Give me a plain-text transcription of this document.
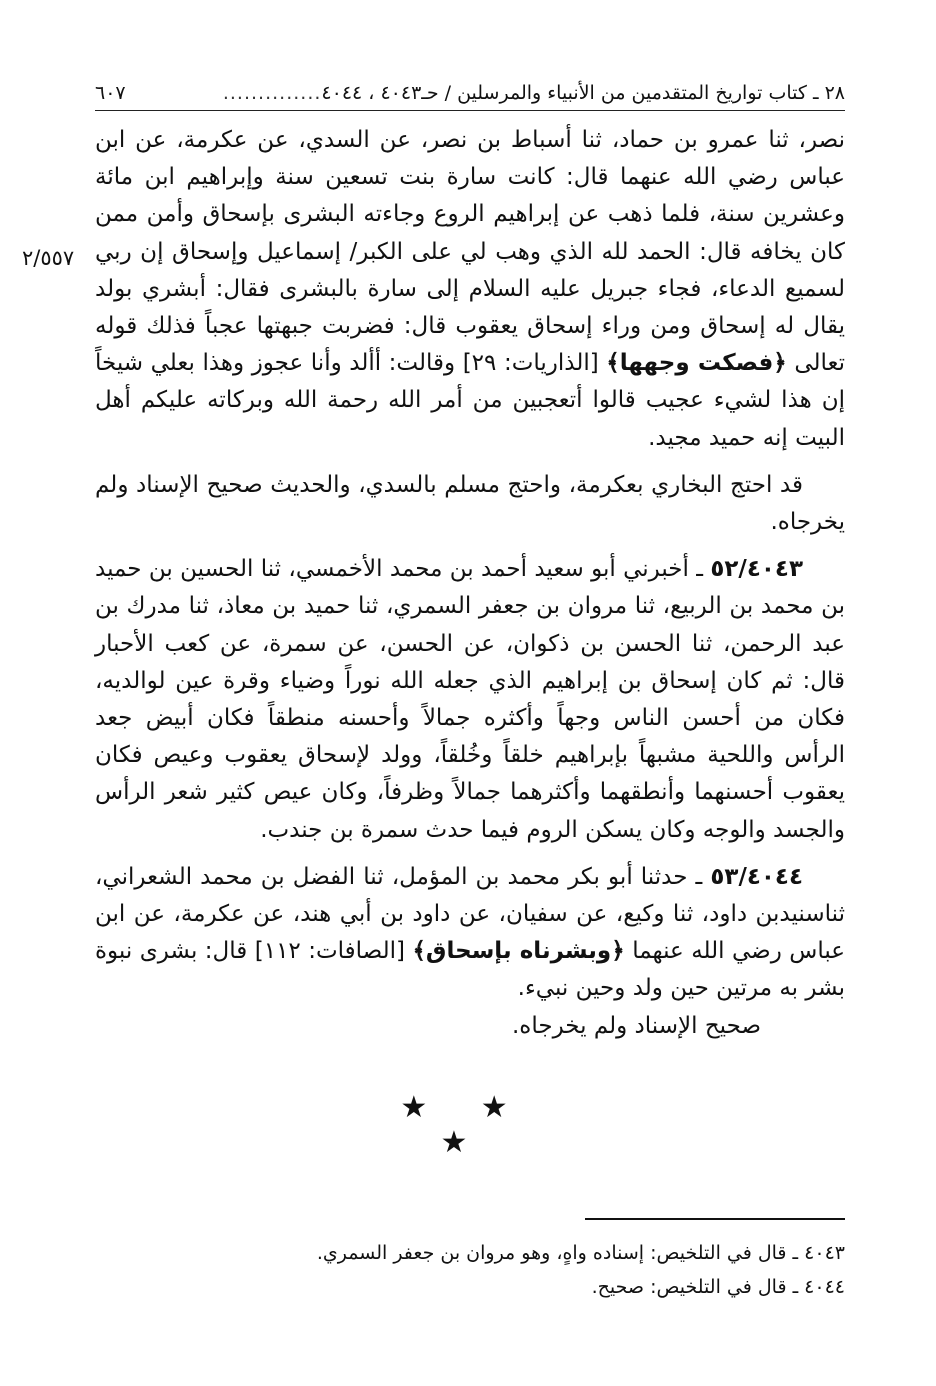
٢٨ ـ كتاب تواريخ المتقدمين من الأنبياء والمرسلين / حـ٤٠٤٣ ، ٤٠٤٤
..............
٦٠٧
٢/٥٥٧

نصر، ثنا عمرو بن حماد، ثنا أسباط بن نصر، عن السدي، عن عكرمة، عن ابن عباس رضي الله عنهما قال: كانت سارة بنت تسعين سنة وإبراهيم ابن مائة وعشرين سنة، فلما ذهب عن إبراهيم الروع وجاءته البشرى بإسحاق وأمن ممن كان يخافه قال: الحمد لله الذي وهب لي على الكبر/ إسماعيل وإسحاق إن ربي لسميع الدعاء، فجاء جبريل عليه السلام إلى سارة بالبشرى فقال: أبشري بولد يقال له إسحاق ومن وراء إسحاق يعقوب قال: فضربت جبهتها عجباً فذلك قوله تعالى ﴿فصكت وجهها﴾ [الذاريات: ٢٩] وقالت: أألد وأنا عجوز وهذا بعلي شيخاً إن هذا لشيء عجيب قالوا أتعجبين من أمر الله رحمة الله وبركاته عليكم أهل البيت إنه حميد مجيد.

قد احتج البخاري بعكرمة، واحتج مسلم بالسدي، والحديث صحيح الإسناد ولم يخرجاه.

٥٢/٤٠٤٣ ـ أخبرني أبو سعيد أحمد بن محمد الأخمسي، ثنا الحسين بن حميد بن محمد بن الربيع، ثنا مروان بن جعفر السمري، ثنا حميد بن معاذ، ثنا مدرك بن عبد الرحمن، ثنا الحسن بن ذكوان، عن الحسن، عن سمرة، عن كعب الأحبار قال: ثم كان إسحاق بن إبراهيم الذي جعله الله نوراً وضياء وقرة عين لوالديه، فكان من أحسن الناس وجهاً وأكثره جمالاً وأحسنه منطقاً فكان أبيض جعد الرأس واللحية مشبهاً بإبراهيم خلقاً وخُلقاً، وولد لإسحاق يعقوب وعيص فكان يعقوب أحسنهما وأنطقهما وأكثرهما جمالاً وظرفاً، وكان عيص كثير شعر الرأس والجسد والوجه وكان يسكن الروم فيما حدث سمرة بن جندب.

٥٣/٤٠٤٤ ـ حدثنا أبو بكر محمد بن المؤمل، ثنا الفضل بن محمد الشعراني، ثناسنيدبن داود، ثنا وكيع، عن سفيان، عن داود بن أبي هند، عن عكرمة، عن ابن عباس رضي الله عنهما ﴿وبشرناه بإسحاق﴾ [الصافات: ١١٢] قال: بشرى نبوة بشر به مرتين حين ولد وحين نبيء.

صحيح الإسناد ولم يخرجاه.

★ ★ ★

٤٠٤٣ ـ قال في التلخيص: إسناده واهٍ، وهو مروان بن جعفر السمري.

٤٠٤٤ ـ قال في التلخيص: صحيح.
